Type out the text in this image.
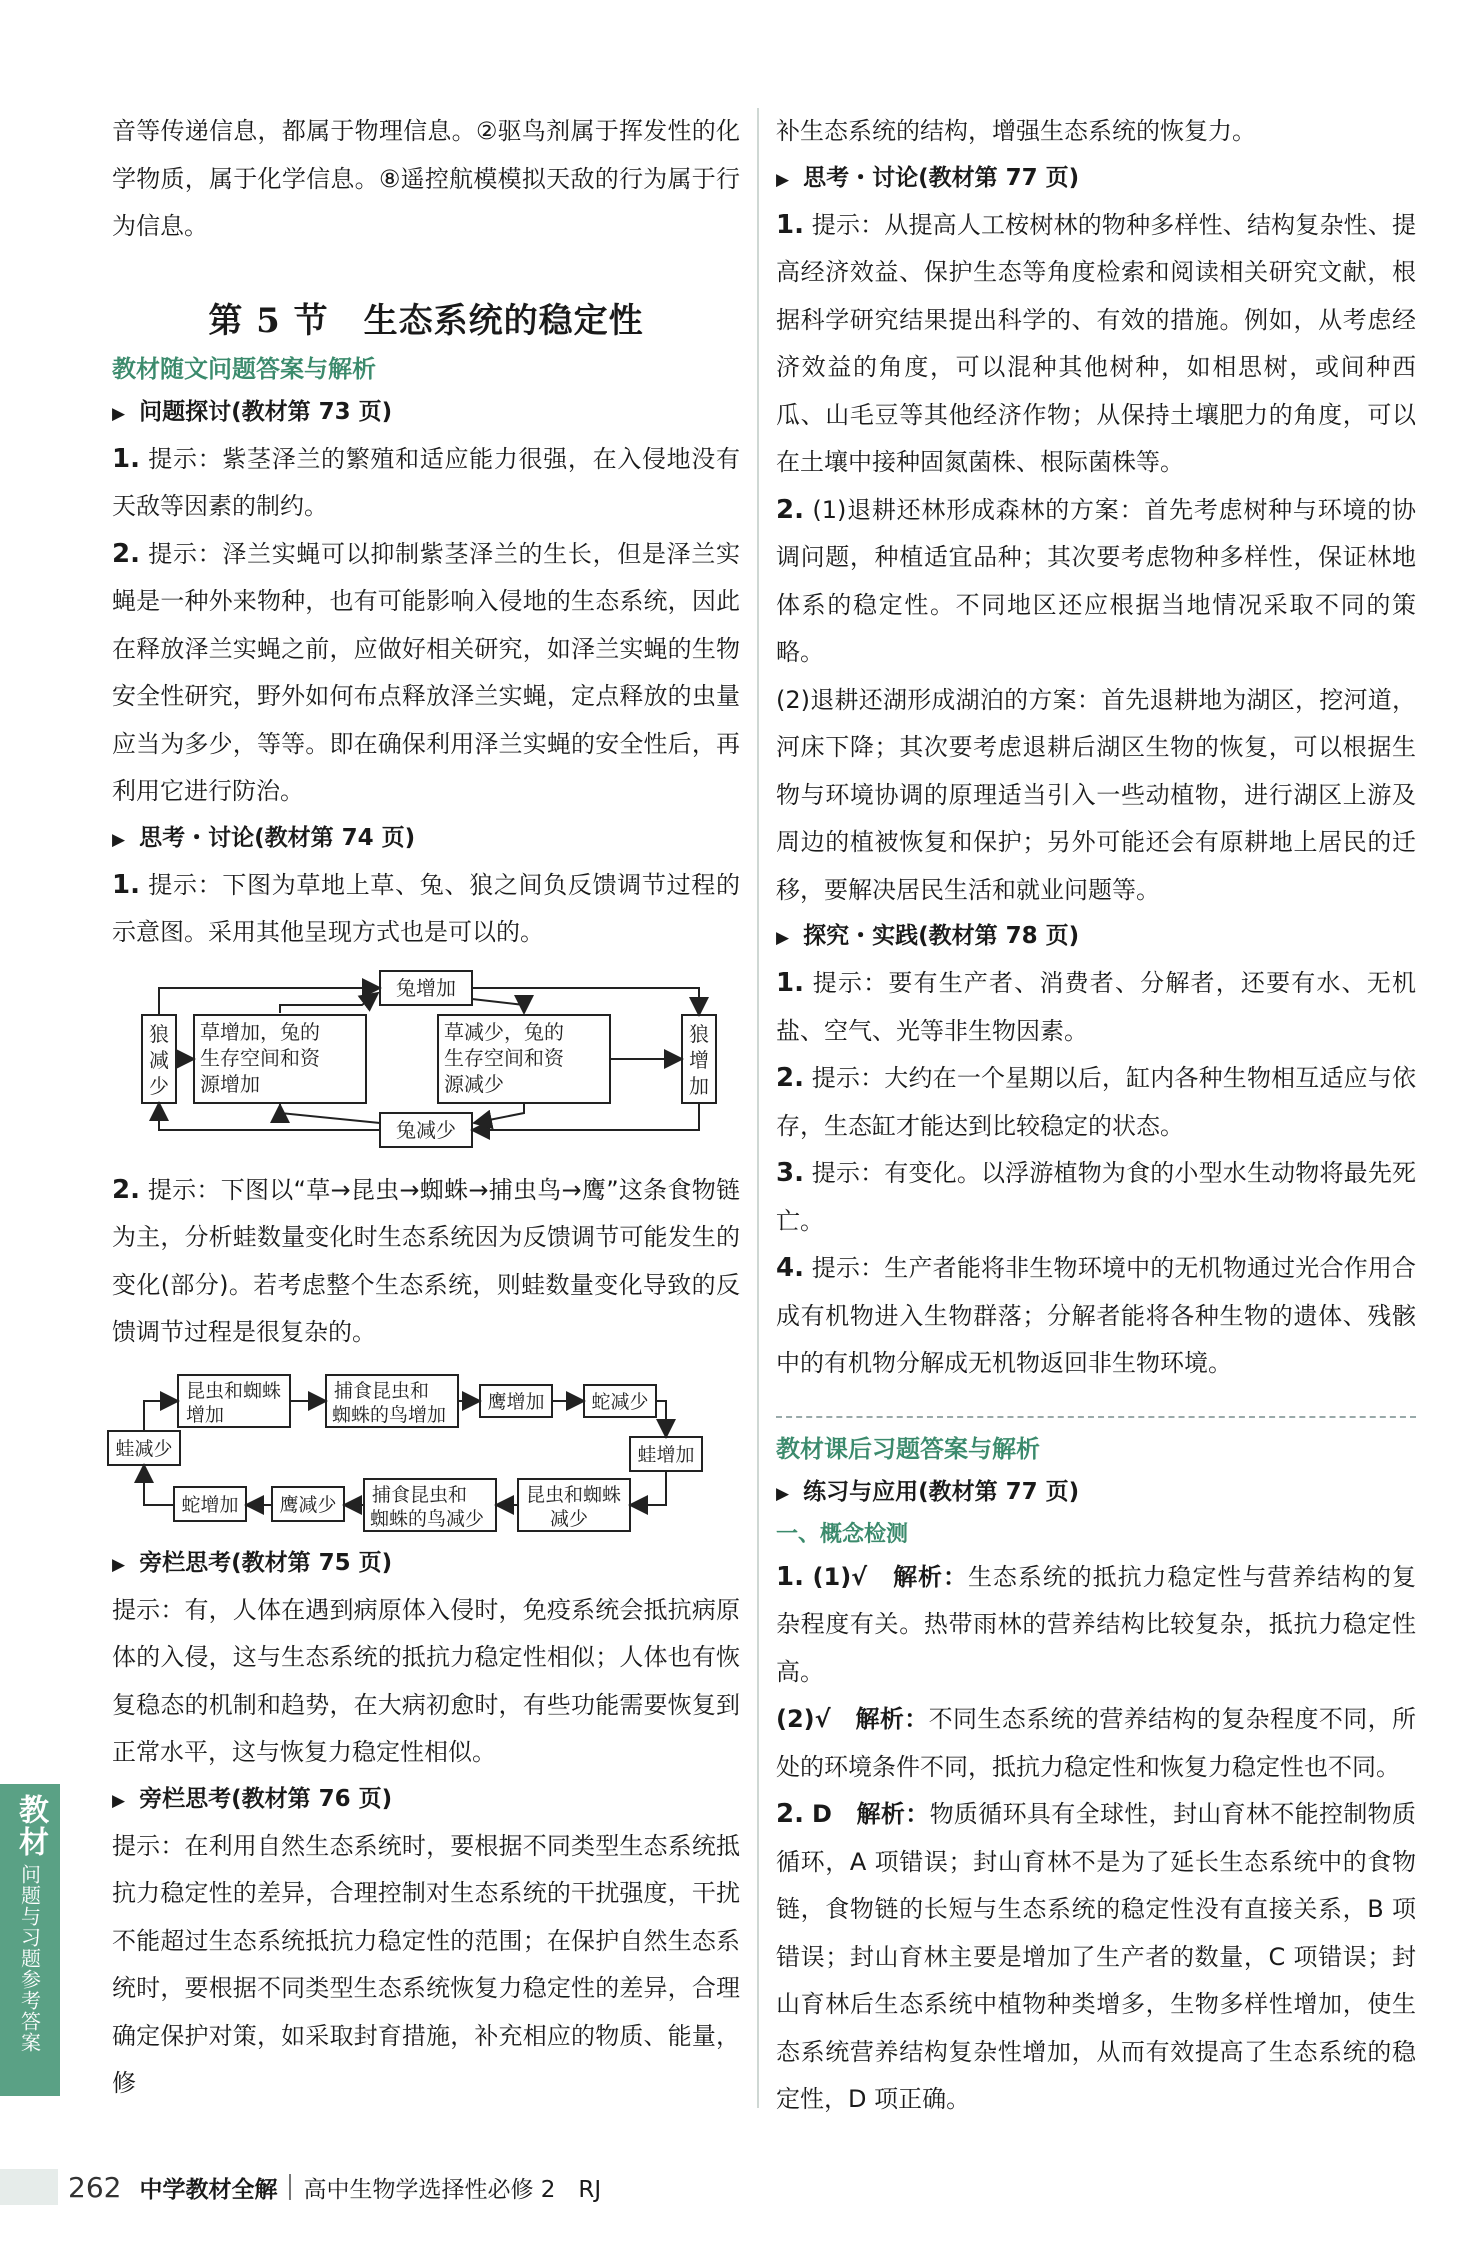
音等传递信息，都属于物理信息。②驱鸟剂属于挥发性的化学物质，属于化学信息。⑧遥控航模模拟天敌的行为属于行为信息。

第 5 节　生态系统的稳定性

教材随文问题答案与解析

▶ 问题探讨(教材第 73 页)

1. 提示：紫茎泽兰的繁殖和适应能力很强，在入侵地没有天敌等因素的制约。

2. 提示：泽兰实蝇可以抑制紫茎泽兰的生长，但是泽兰实蝇是一种外来物种，也有可能影响入侵地的生态系统，因此在释放泽兰实蝇之前，应做好相关研究，如泽兰实蝇的生物安全性研究，野外如何布点释放泽兰实蝇，定点释放的虫量应当为多少，等等。即在确保利用泽兰实蝇的安全性后，再利用它进行防治。

▶ 思考・讨论(教材第 74 页)

1. 提示：下图为草地上草、兔、狼之间负反馈调节过程的示意图。采用其他呈现方式也是可以的。

兔增加
兔减少
狼
减
少
狼
增
加
草增加，兔的
生存空间和资
源增加
草减少，兔的
生存空间和资
源减少

2. 提示：下图以“草→昆虫→蜘蛛→捕虫鸟→鹰”这条食物链为主，分析蛙数量变化时生态系统因为反馈调节可能发生的变化(部分)。若考虑整个生态系统，则蛙数量变化导致的反馈调节过程是很复杂的。

昆虫和蜘蛛
增加
捕食昆虫和
蜘蛛的鸟增加
鹰增加 蛇减少
蛙减少	蛙增加
蛇增加 鹰减少 捕食昆虫和
蜘蛛的鸟减少
昆虫和蜘蛛
减少

▶ 旁栏思考(教材第 75 页)

提示：有，人体在遇到病原体入侵时，免疫系统会抵抗病原体的入侵，这与生态系统的抵抗力稳定性相似；人体也有恢复稳态的机制和趋势，在大病初愈时，有些功能需要恢复到正常水平，这与恢复力稳定性相似。

▶ 旁栏思考(教材第 76 页)

提示：在利用自然生态系统时，要根据不同类型生态系统抵抗力稳定性的差异，合理控制对生态系统的干扰强度，干扰不能超过生态系统抵抗力稳定性的范围；在保护自然生态系统时，要根据不同类型生态系统恢复力稳定性的差异，合理确定保护对策，如采取封育措施，补充相应的物质、能量，修

补生态系统的结构，增强生态系统的恢复力。

▶ 思考・讨论(教材第 77 页)

1. 提示：从提高人工桉树林的物种多样性、结构复杂性、提高经济效益、保护生态等角度检索和阅读相关研究文献，根据科学研究结果提出科学的、有效的措施。例如，从考虑经济效益的角度，可以混种其他树种，如相思树，或间种西瓜、山毛豆等其他经济作物；从保持土壤肥力的角度，可以在土壤中接种固氮菌株、根际菌株等。

2. (1)退耕还林形成森林的方案：首先考虑树种与环境的协调问题，种植适宜品种；其次要考虑物种多样性，保证林地体系的稳定性。不同地区还应根据当地情况采取不同的策略。

(2)退耕还湖形成湖泊的方案：首先退耕地为湖区，挖河道，河床下降；其次要考虑退耕后湖区生物的恢复，可以根据生物与环境协调的原理适当引入一些动植物，进行湖区上游及周边的植被恢复和保护；另外可能还会有原耕地上居民的迁移，要解决居民生活和就业问题等。

▶ 探究・实践(教材第 78 页)

1. 提示：要有生产者、消费者、分解者，还要有水、无机盐、空气、光等非生物因素。

2. 提示：大约在一个星期以后，缸内各种生物相互适应与依存，生态缸才能达到比较稳定的状态。

3. 提示：有变化。以浮游植物为食的小型水生动物将最先死亡。

4. 提示：生产者能将非生物环境中的无机物通过光合作用合成有机物进入生物群落；分解者能将各种生物的遗体、残骸中的有机物分解成无机物返回非生物环境。

教材课后习题答案与解析

▶ 练习与应用(教材第 77 页)

一、概念检测

1. (1)√　 解析：生态系统的抵抗力稳定性与营养结构的复杂程度有关。热带雨林的营养结构比较复杂，抵抗力稳定性高。

(2)√　 解析：不同生态系统的营养结构的复杂程度不同，所处的环境条件不同，抵抗力稳定性和恢复力稳定性也不同。

2. D　 解析：物质循环具有全球性，封山育林不能控制物质循环，A 项错误；封山育林不是为了延长生态系统中的食物链，食物链的长短与生态系统的稳定性没有直接关系，B 项错误；封山育林主要是增加了生产者的数量，C 项错误；封山育林后生态系统中植物种类增多，生物多样性增加，使生态系统营养结构复杂性增加，从而有效提高了生态系统的稳定性，D 项正确。

教材
问题与习题参考答案
262 中学教材全解 高中生物学选择性必修 2　RJ
